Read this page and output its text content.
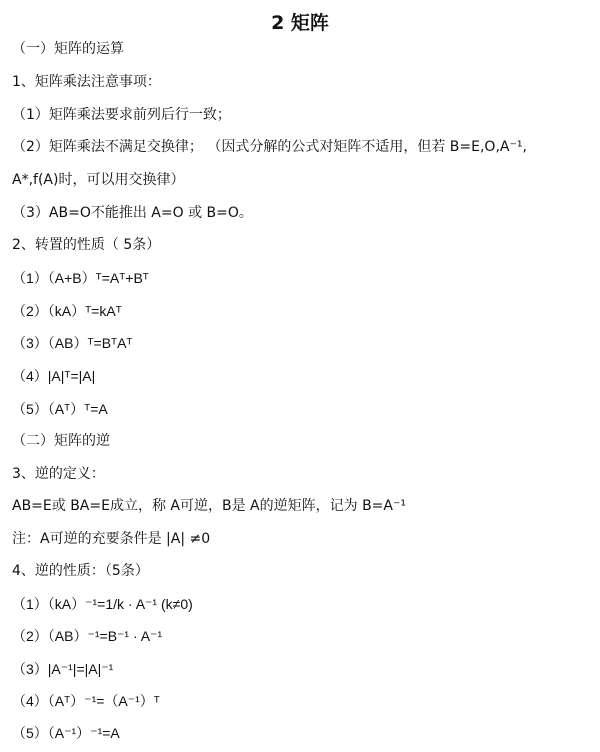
2 矩阵
（一）矩阵的运算
1、矩阵乘法注意事项：
（1）矩阵乘法要求前列后行一致；
（2）矩阵乘法不满足交换律； （因式分解的公式对矩阵不适用，但若 B=E,O,A⁻¹,
A*,f(A)时，可以用交换律）
（3）AB=O不能推出 A=O 或 B=O。
2、转置的性质（ 5条）
（1）（A+B）ᵀ=Aᵀ+Bᵀ
（2）（kA）ᵀ=kAᵀ
（3）（AB）ᵀ=BᵀAᵀ
（4）|A|ᵀ=|A|
（5）（Aᵀ）ᵀ=A
（二）矩阵的逆
3、逆的定义：
AB=E或 BA=E成立，称 A可逆，B是 A的逆矩阵，记为 B=A⁻¹
注：A可逆的充要条件是 |A| ≠0
4、逆的性质：（5条）
（1）（kA）⁻¹=1/k · A⁻¹ (k≠0)
（2）（AB）⁻¹=B⁻¹ · A⁻¹
（3）|A⁻¹|=|A|⁻¹
（4）（Aᵀ）⁻¹=（A⁻¹）ᵀ
（5）（A⁻¹）⁻¹=A
